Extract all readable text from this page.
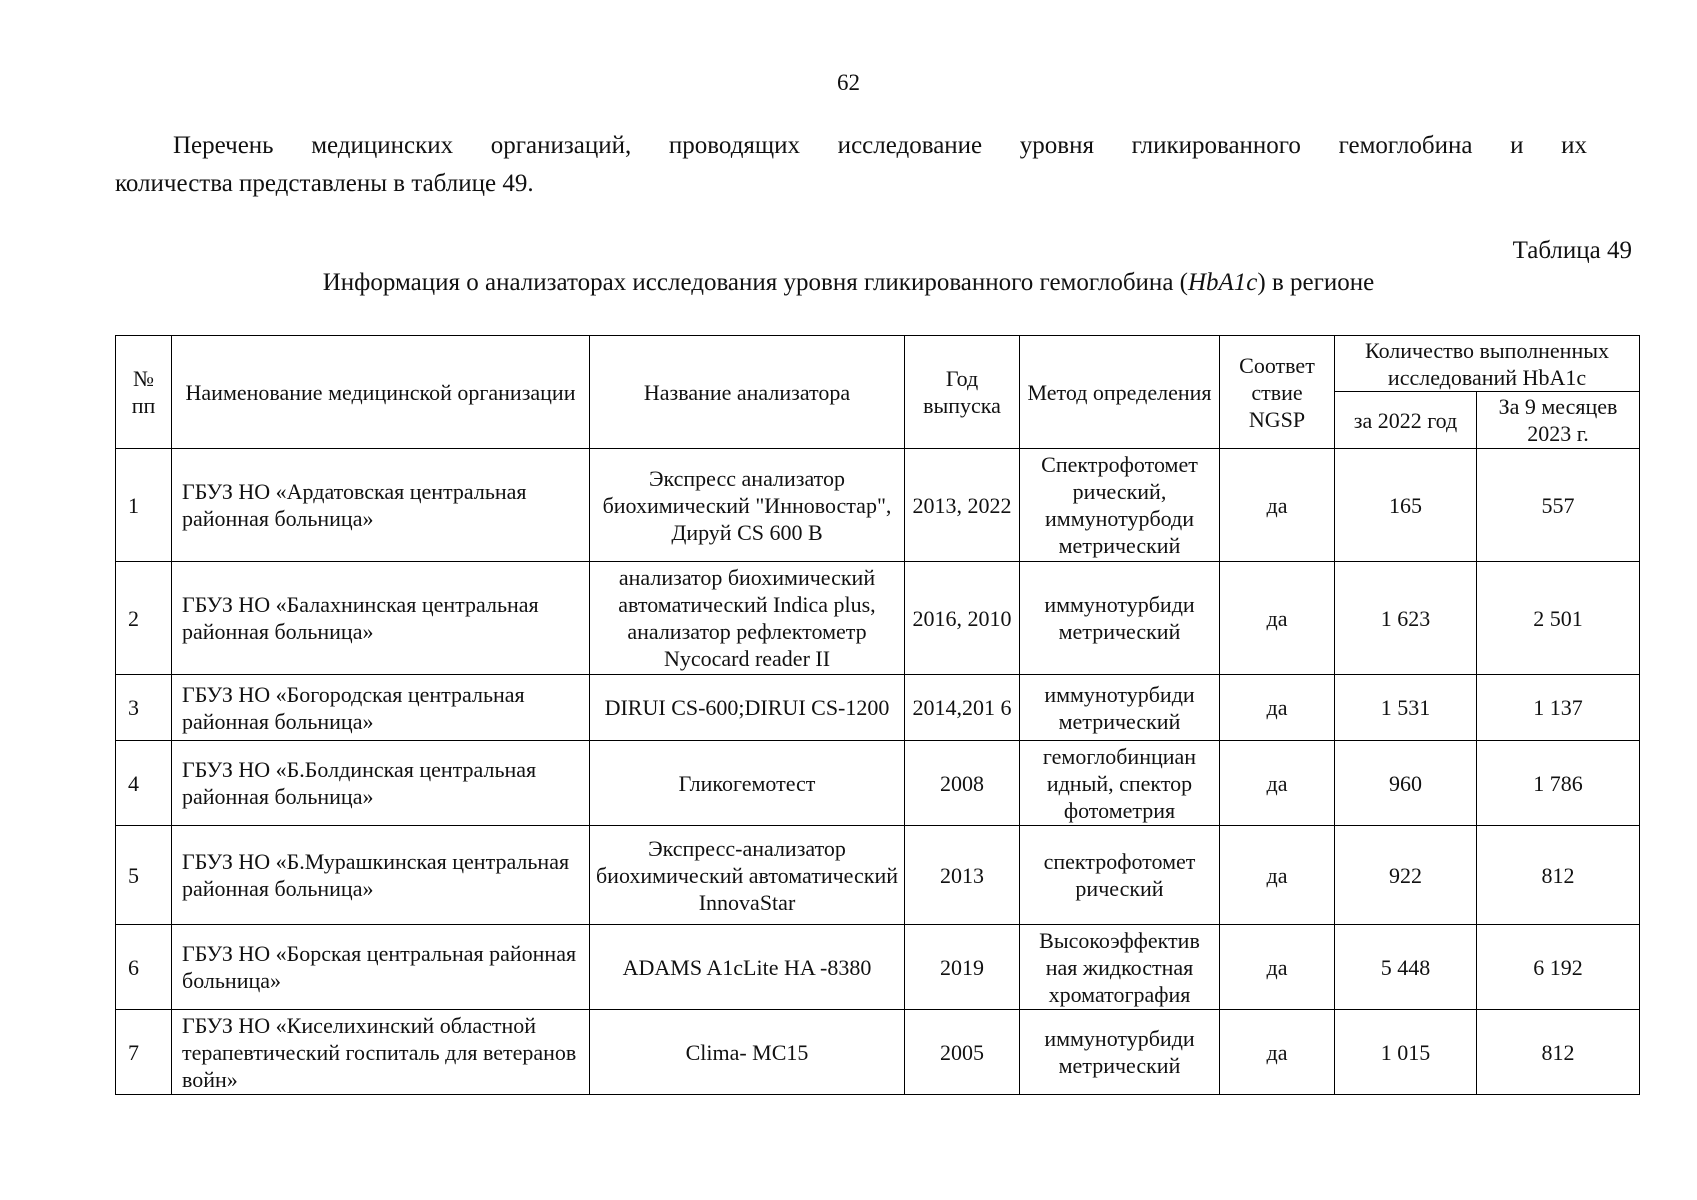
62
Перечень медицинских организаций, проводящих исследование уровня гликированного гемоглобина и их
количества представлены в таблице 49.
Таблица 49
Информация о анализаторах исследования уровня гликированного гемоглобина (HbA1c) в регионе
№ пп	Наименование медицинской организации	Название анализатора	Год выпуска	Метод определения	Соответ ствие NGSP	Количество выполненных исследований HbA1c	
						за 2022 год	За 9 месяцев 2023 г.
1	ГБУЗ НО «Ардатовская центральная районная больница»	Экспресс анализатор биохимический "Инновостар", Дируй CS 600 В	2013, 2022	Спектрофотомет рический, иммунотурбоди метрический	да	165	557
2	ГБУЗ НО «Балахнинская центральная районная больница»	анализатор биохимический автоматический Indica plus, анализатор рефлектометр Nycocard reader II	2016, 2010	иммунотурбиди метрический	да	1 623	2 501
3	ГБУЗ НО «Богородская центральная районная больница»	DIRUI CS-600;DIRUI CS-1200	2014,201 6	иммунотурбиди метрический	да	1 531	1 137
4	ГБУЗ НО «Б.Болдинская центральная районная больница»	Гликогемотест	2008	гемоглобинциан идный, спектор фотометрия	да	960	1 786
5	ГБУЗ НО «Б.Мурашкинская центральная районная больница»	Экспресс-анализатор биохимический автоматический InnovaStar	2013	спектрофотомет рический	да	922	812
6	ГБУЗ НО «Борская центральная районная больница»	ADAMS A1cLite HA -8380	2019	Высокоэффектив ная жидкостная хроматография	да	5 448	6 192
7	ГБУЗ НО «Киселихинский областной терапевтический госпиталь для ветеранов войн»	Clima- MC15	2005	иммунотурбиди метрический	да	1 015	812
